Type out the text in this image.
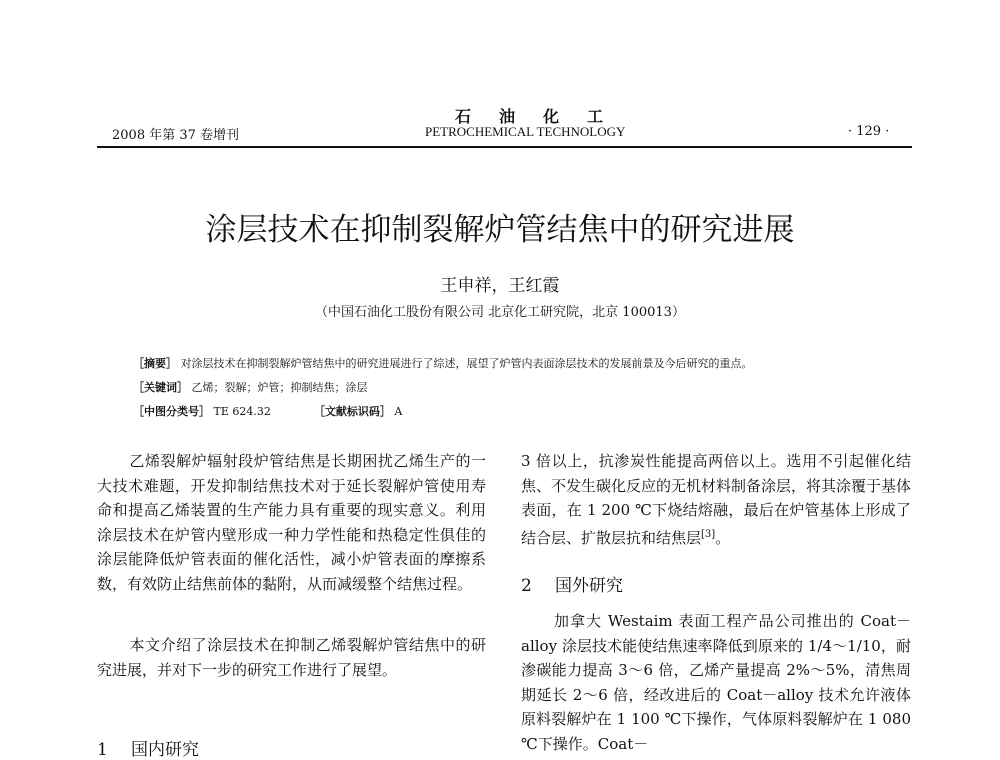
石油化工
2008 年第 37 卷增刊	PETROCHEMICAL TECHNOLOGY	· 129 ·
涂层技术在抑制裂解炉管结焦中的研究进展
王申祥，王红霞
（中国石油化工股份有限公司 北京化工研究院，北京 100013）
［摘要］ 对涂层技术在抑制裂解炉管结焦中的研究进展进行了综述，展望了炉管内表面涂层技术的发展前景及今后研究的重点。
［关键词］ 乙烯；裂解；炉管；抑制结焦；涂层
［中图分类号］ TE 624.32	［文献标识码］ A

乙烯裂解炉辐射段炉管结焦是长期困扰乙烯生产的一大技术难题，开发抑制结焦技术对于延长裂解炉管使用寿命和提高乙烯装置的生产能力具有重要的现实意义。利用涂层技术在炉管内壁形成一种力学性能和热稳定性俱佳的涂层能降低炉管表面的催化活性，减小炉管表面的摩擦系数，有效防止结焦前体的黏附，从而减缓整个结焦过程。

本文介绍了涂层技术在抑制乙烯裂解炉管结焦中的研究进展，并对下一步的研究工作进行了展望。

1 国内研究

3 倍以上，抗渗炭性能提高两倍以上。选用不引起催化结焦、不发生碳化反应的无机材料制备涂层，将其涂覆于基体表面，在 1 200 ℃下烧结熔融，最后在炉管基体上形成了结合层、扩散层抗和结焦层[3]。

2 国外研究

加拿大 Westaim 表面工程产品公司推出的 Coat－alloy 涂层技术能使结焦速率降低到原来的 1/4～1/10，耐渗碳能力提高 3～6 倍，乙烯产量提高 2%～5%，清焦周期延长 2～6 倍，经改进后的 Coat－alloy 技术允许液体原料裂解炉在 1 100 ℃下操作，气体原料裂解炉在 1 080 ℃下操作。Coat－
